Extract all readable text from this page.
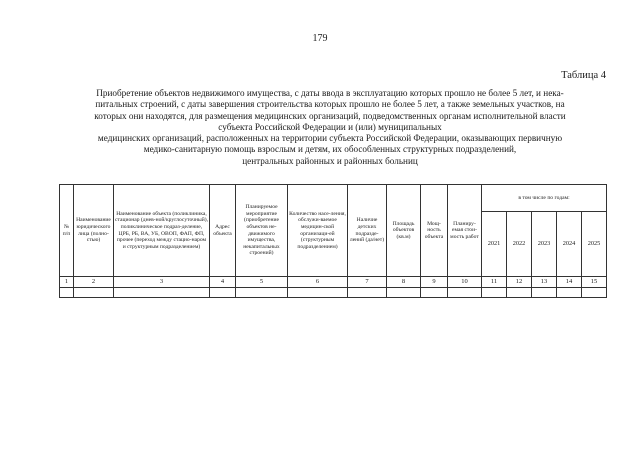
179
Таблица 4
Приобретение объектов недвижимого имущества, с даты ввода в эксплуатацию которых прошло не более 5 лет, и нека-
питальных строений, с даты завершения строительства которых прошло не более 5 лет, а также земельных участков, на
которых они находятся, для размещения медицинских организаций, подведомственных органам исполнительной власти
субъекта Российской Федерации и (или) муниципальных
медицинских организаций, расположенных на территории субъекта Российской Федерации, оказывающих первичную
медико-санитарную помощь взрослым и детям, их обособленных структурных подразделений,
центральных районных и районных больниц
№ п/п	Наименование юридического лица (полно-стью)	Наименование объекта (поликлиника, стационар (днев-ной/круглосуточный), поликлиническое подраз-деление, ЦРБ, РБ, ВА, УБ, ОВОП, ФАП, ФП, прочее (переход между стацио-наром и структурным подразделением)	Адрес объекта	Планируемое мероприятие (приобретение объектов не-движимого имущества, некапитальных строений)	Количество насе-ления, обслужи-ваемое медицин-ской организаци-ей (структурным подразделением)	Наличие детских подразде-лений (да/нет)	Площадь объектов (кв.м)	Мощ-ность объекта	Планиру-емая стои-мость работ	в том числе по годам:				
										2021	2022	2023	2024	2025
1	2	3	4	5	6	7	8	9	10	11	12	13	14	15
